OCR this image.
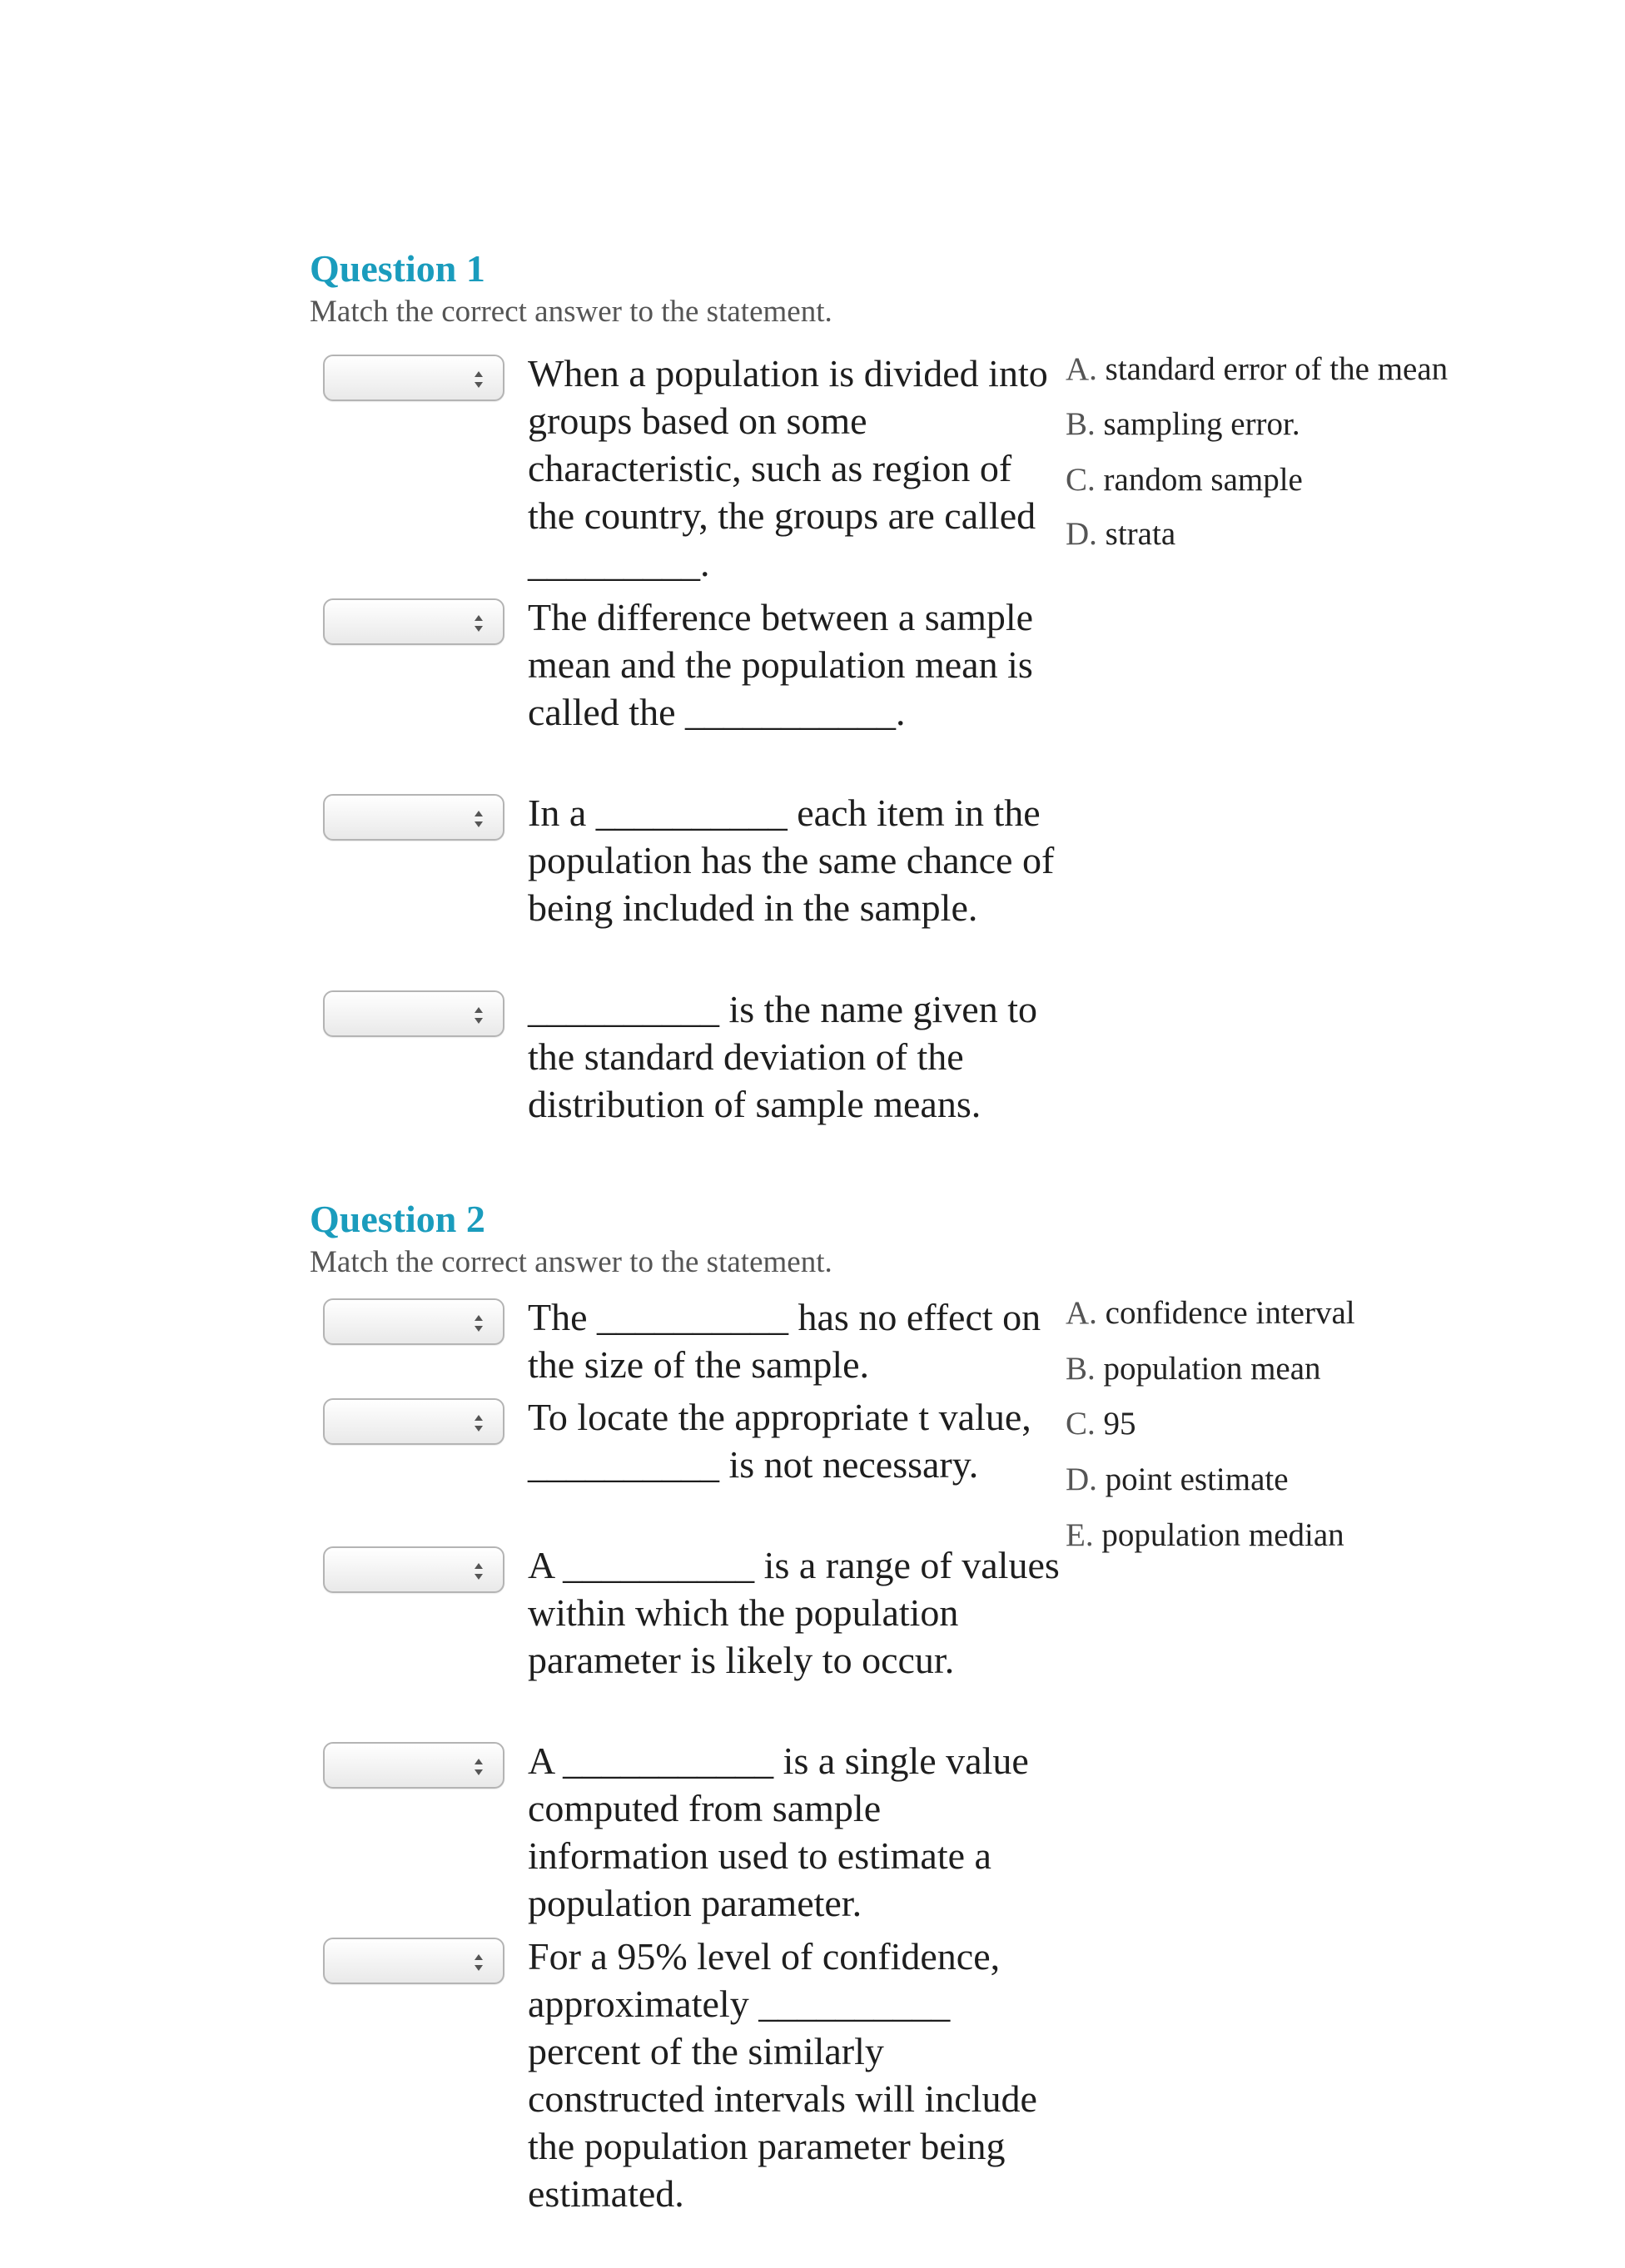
Question 1
Match the correct answer to the statement.

When a population is divided into groups based on some characteristic, such as region of the country, the groups are called _________.

The difference between a sample mean and the population mean is called the ___________.

In a __________ each item in the population has the same chance of being included in the sample.

__________ is the name given to the standard deviation of the distribution of sample means.

A. standard error of the mean
B. sampling error.
C. random sample
D. strata
Question 2
Match the correct answer to the statement.

The __________ has no effect on the size of the sample.

To locate the appropriate t value, __________ is not necessary.

A __________ is a range of values within which the population parameter is likely to occur.

A ___________ is a single value computed from sample information used to estimate a population parameter.

For a 95% level of confidence, approximately __________ percent of the similarly constructed intervals will include the population parameter being estimated.

A. confidence interval
B. population mean
C. 95
D. point estimate
E. population median
